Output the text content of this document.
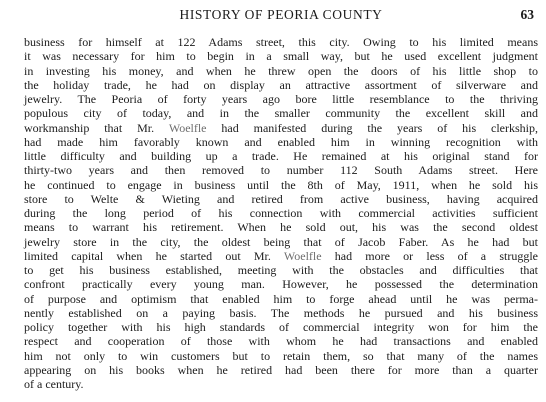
HISTORY OF PEORIA COUNTY	63
business for himself at 122 Adams street, this city. Owing to his limited means
it was necessary for him to begin in a small way, but he used excellent judgment
in investing his money, and when he threw open the doors of his little shop to
the holiday trade, he had on display an attractive assortment of silverware and
jewelry. The Peoria of forty years ago bore little resemblance to the thriving
populous city of today, and in the smaller community the excellent skill and
workmanship that Mr. Woelfle had manifested during the years of his clerkship,
had made him favorably known and enabled him in winning recognition with
little difficulty and building up a trade. He remained at his original stand for
thirty-two years and then removed to number 112 South Adams street. Here
he continued to engage in business until the 8th of May, 1911, when he sold his
store to Welte & Wieting and retired from active business, having acquired
during the long period of his connection with commercial activities sufficient
means to warrant his retirement. When he sold out, his was the second oldest
jewelry store in the city, the oldest being that of Jacob Faber. As he had but
limited capital when he started out Mr. Woelfle had more or less of a struggle
to get his business established, meeting with the obstacles and difficulties that
confront practically every young man. However, he possessed the determination
of purpose and optimism that enabled him to forge ahead until he was perma-
nently established on a paying basis. The methods he pursued and his business
policy together with his high standards of commercial integrity won for him the
respect and cooperation of those with whom he had transactions and enabled
him not only to win customers but to retain them, so that many of the names
appearing on his books when he retired had been there for more than a quarter
of a century.
